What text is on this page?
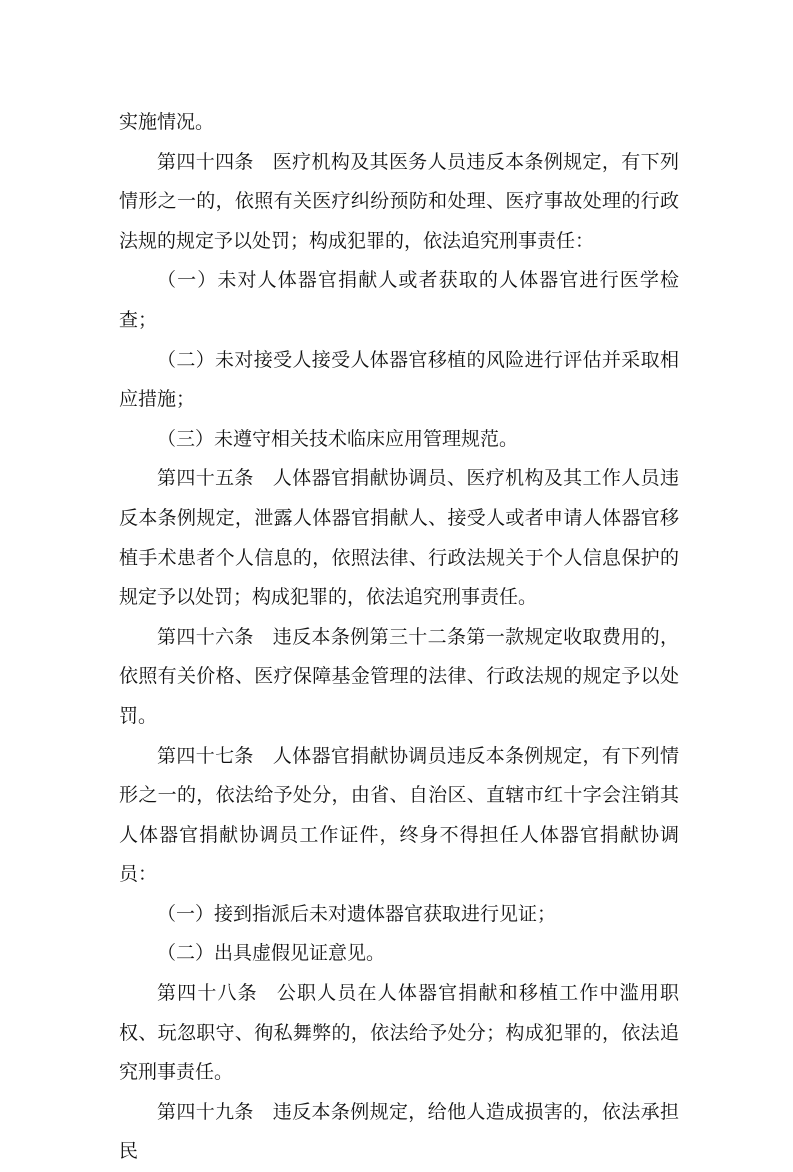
实施情况。

第四十四条 医疗机构及其医务人员违反本条例规定，有下列情形之一的，依照有关医疗纠纷预防和处理、医疗事故处理的行政法规的规定予以处罚；构成犯罪的，依法追究刑事责任：

（一）未对人体器官捐献人或者获取的人体器官进行医学检查；

（二）未对接受人接受人体器官移植的风险进行评估并采取相应措施；

（三）未遵守相关技术临床应用管理规范。

第四十五条 人体器官捐献协调员、医疗机构及其工作人员违反本条例规定，泄露人体器官捐献人、接受人或者申请人体器官移植手术患者个人信息的，依照法律、行政法规关于个人信息保护的规定予以处罚；构成犯罪的，依法追究刑事责任。

第四十六条 违反本条例第三十二条第一款规定收取费用的，依照有关价格、医疗保障基金管理的法律、行政法规的规定予以处罚。

第四十七条 人体器官捐献协调员违反本条例规定，有下列情形之一的，依法给予处分，由省、自治区、直辖市红十字会注销其人体器官捐献协调员工作证件，终身不得担任人体器官捐献协调员：

（一）接到指派后未对遗体器官获取进行见证；

（二）出具虚假见证意见。

第四十八条 公职人员在人体器官捐献和移植工作中滥用职权、玩忽职守、徇私舞弊的，依法给予处分；构成犯罪的，依法追究刑事责任。

第四十九条 违反本条例规定，给他人造成损害的，依法承担民
